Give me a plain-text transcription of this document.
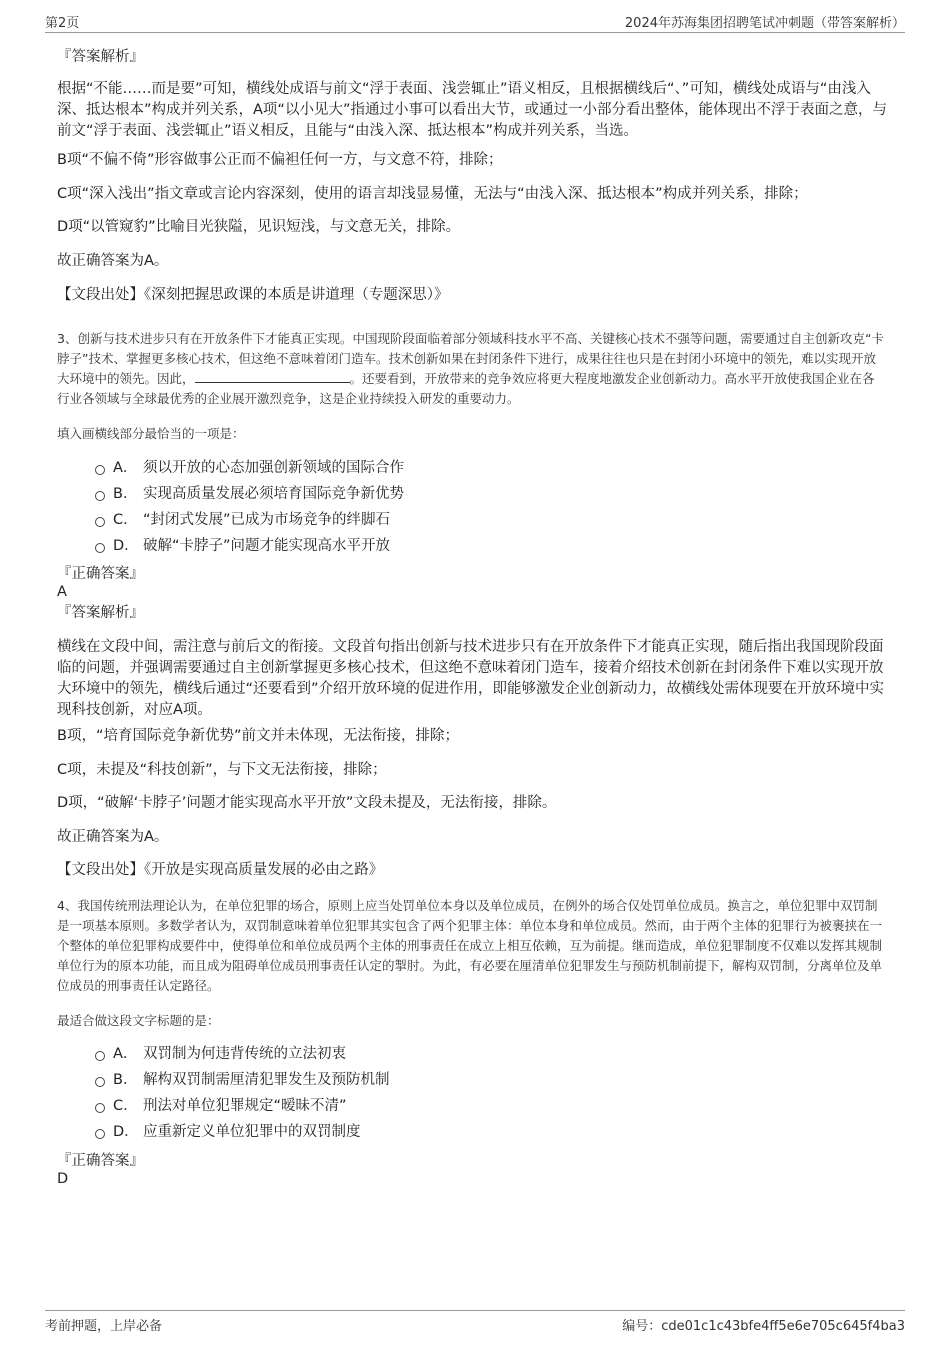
第2页	2024年苏海集团招聘笔试冲刺题（带答案解析）
『答案解析』
根据“不能……而是要”可知，横线处成语与前文“浮于表面、浅尝辄止”语义相反，且根据横线后“、”可知，横线处成语与“由浅入深、抵达根本”构成并列关系，A项“以小见大”指通过小事可以看出大节，或通过一小部分看出整体，能体现出不浮于表面之意，与前文“浮于表面、浅尝辄止”语义相反，且能与“由浅入深、抵达根本”构成并列关系，当选。
B项“不偏不倚”形容做事公正而不偏袒任何一方，与文意不符，排除；
C项“深入浅出”指文章或言论内容深刻，使用的语言却浅显易懂，无法与“由浅入深、抵达根本”构成并列关系，排除；
D项“以管窥豹”比喻目光狭隘，见识短浅，与文意无关，排除。
故正确答案为A。
【文段出处】《深刻把握思政课的本质是讲道理（专题深思）》
3、创新与技术进步只有在开放条件下才能真正实现。中国现阶段面临着部分领域科技水平不高、关键核心技术不强等问题，需要通过自主创新攻克“卡脖子”技术、掌握更多核心技术，但这绝不意味着闭门造车。技术创新如果在封闭条件下进行，成果往往也只是在封闭小环境中的领先，难以实现开放大环境中的领先。因此，	。还要看到，开放带来的竞争效应将更大程度地激发企业创新动力。高水平开放使我国企业在各行业各领域与全球最优秀的企业展开激烈竞争，这是企业持续投入研发的重要动力。
填入画横线部分最恰当的一项是：
A． 须以开放的心态加强创新领域的国际合作
B． 实现高质量发展必须培育国际竞争新优势
C． “封闭式发展”已成为市场竞争的绊脚石
D． 破解“卡脖子”问题才能实现高水平开放
『正确答案』
A
『答案解析』
横线在文段中间，需注意与前后文的衔接。文段首句指出创新与技术进步只有在开放条件下才能真正实现，随后指出我国现阶段面临的问题，并强调需要通过自主创新掌握更多核心技术，但这绝不意味着闭门造车，接着介绍技术创新在封闭条件下难以实现开放大环境中的领先，横线后通过“还要看到”介绍开放环境的促进作用，即能够激发企业创新动力，故横线处需体现要在开放环境中实现科技创新，对应A项。
B项，“培育国际竞争新优势”前文并未体现，无法衔接，排除；
C项，未提及“科技创新”，与下文无法衔接，排除；
D项，“破解‘卡脖子’问题才能实现高水平开放”文段未提及，无法衔接，排除。
故正确答案为A。
【文段出处】《开放是实现高质量发展的必由之路》
4、我国传统刑法理论认为，在单位犯罪的场合，原则上应当处罚单位本身以及单位成员，在例外的场合仅处罚单位成员。换言之，单位犯罪中双罚制是一项基本原则。多数学者认为，双罚制意味着单位犯罪其实包含了两个犯罪主体：单位本身和单位成员。然而，由于两个主体的犯罪行为被裹挟在一个整体的单位犯罪构成要件中，使得单位和单位成员两个主体的刑事责任在成立上相互依赖，互为前提。继而造成，单位犯罪制度不仅难以发挥其规制单位行为的原本功能，而且成为阻碍单位成员刑事责任认定的掣肘。为此，有必要在厘清单位犯罪发生与预防机制前提下，解构双罚制，分离单位及单位成员的刑事责任认定路径。
最适合做这段文字标题的是：
A． 双罚制为何违背传统的立法初衷
B． 解构双罚制需厘清犯罪发生及预防机制
C． 刑法对单位犯罪规定“暧昧不清”
D． 应重新定义单位犯罪中的双罚制度
『正确答案』
D
考前押题，上岸必备	编号：cde01c1c43bfe4ff5e6e705c645f4ba3
